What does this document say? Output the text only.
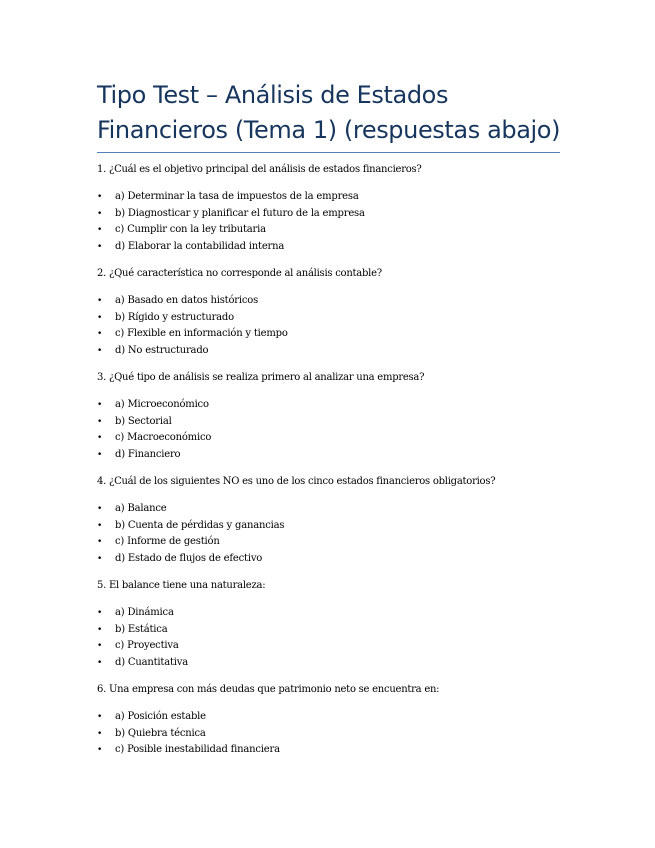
Tipo Test – Análisis de Estados
Financieros (Tema 1) (respuestas abajo)

1. ¿Cuál es el objetivo principal del análisis de estados financieros?

• a) Determinar la tasa de impuestos de la empresa
• b) Diagnosticar y planificar el futuro de la empresa
• c) Cumplir con la ley tributaria
• d) Elaborar la contabilidad interna

2. ¿Qué característica no corresponde al análisis contable?

• a) Basado en datos históricos
• b) Rígido y estructurado
• c) Flexible en información y tiempo
• d) No estructurado

3. ¿Qué tipo de análisis se realiza primero al analizar una empresa?

• a) Microeconómico
• b) Sectorial
• c) Macroeconómico
• d) Financiero

4. ¿Cuál de los siguientes NO es uno de los cinco estados financieros obligatorios?

• a) Balance
• b) Cuenta de pérdidas y ganancias
• c) Informe de gestión
• d) Estado de flujos de efectivo

5. El balance tiene una naturaleza:

• a) Dinámica
• b) Estática
• c) Proyectiva
• d) Cuantitativa

6. Una empresa con más deudas que patrimonio neto se encuentra en:

• a) Posición estable
• b) Quiebra técnica
• c) Posible inestabilidad financiera
